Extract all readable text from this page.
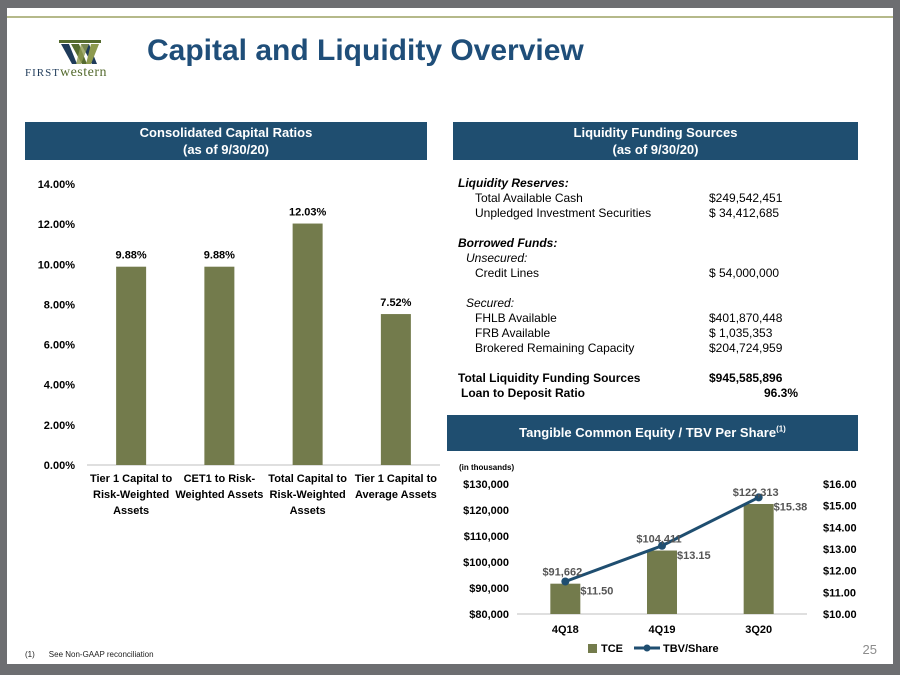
FIRSTwestern
Capital and Liquidity Overview
Consolidated Capital Ratios
(as of 9/30/20)
Liquidity Funding Sources
(as of 9/30/20)
Tangible Common Equity / TBV Per Share$^{(1)}$
0.00%
2.00%
4.00%
6.00%
8.00%
10.00%
12.00%
14.00%
9.88%
Tier 1 Capital to
Risk-Weighted
Assets
9.88%
CET1 to Risk-
Weighted Assets
12.03%
Total Capital to
Risk-Weighted
Assets
7.52%
Tier 1 Capital to
Average Assets
Liquidity Reserves:
Total Available Cash	$249,542,451
Unpledged Investment Securities	$ 34,412,685
Borrowed Funds:
Unsecured:
Credit Lines	$ 54,000,000
Secured:
FHLB Available	$401,870,448
FRB Available	$ 1,035,353
Brokered Remaining Capacity	$204,724,959
Total Liquidity Funding Sources	$945,585,896
Loan to Deposit Ratio	96.3%
(in thousands)
$80,000
$90,000
$100,000
$110,000
$120,000
$130,000
$10.00
$11.00
$12.00
$13.00
$14.00
$15.00
$16.00
4Q18	4Q19	3Q20
$91,662
$11.50
$104,411
$13.15
$122,313
$15.38
TCE	TBV/Share
(1) See Non-GAAP reconciliation	25
